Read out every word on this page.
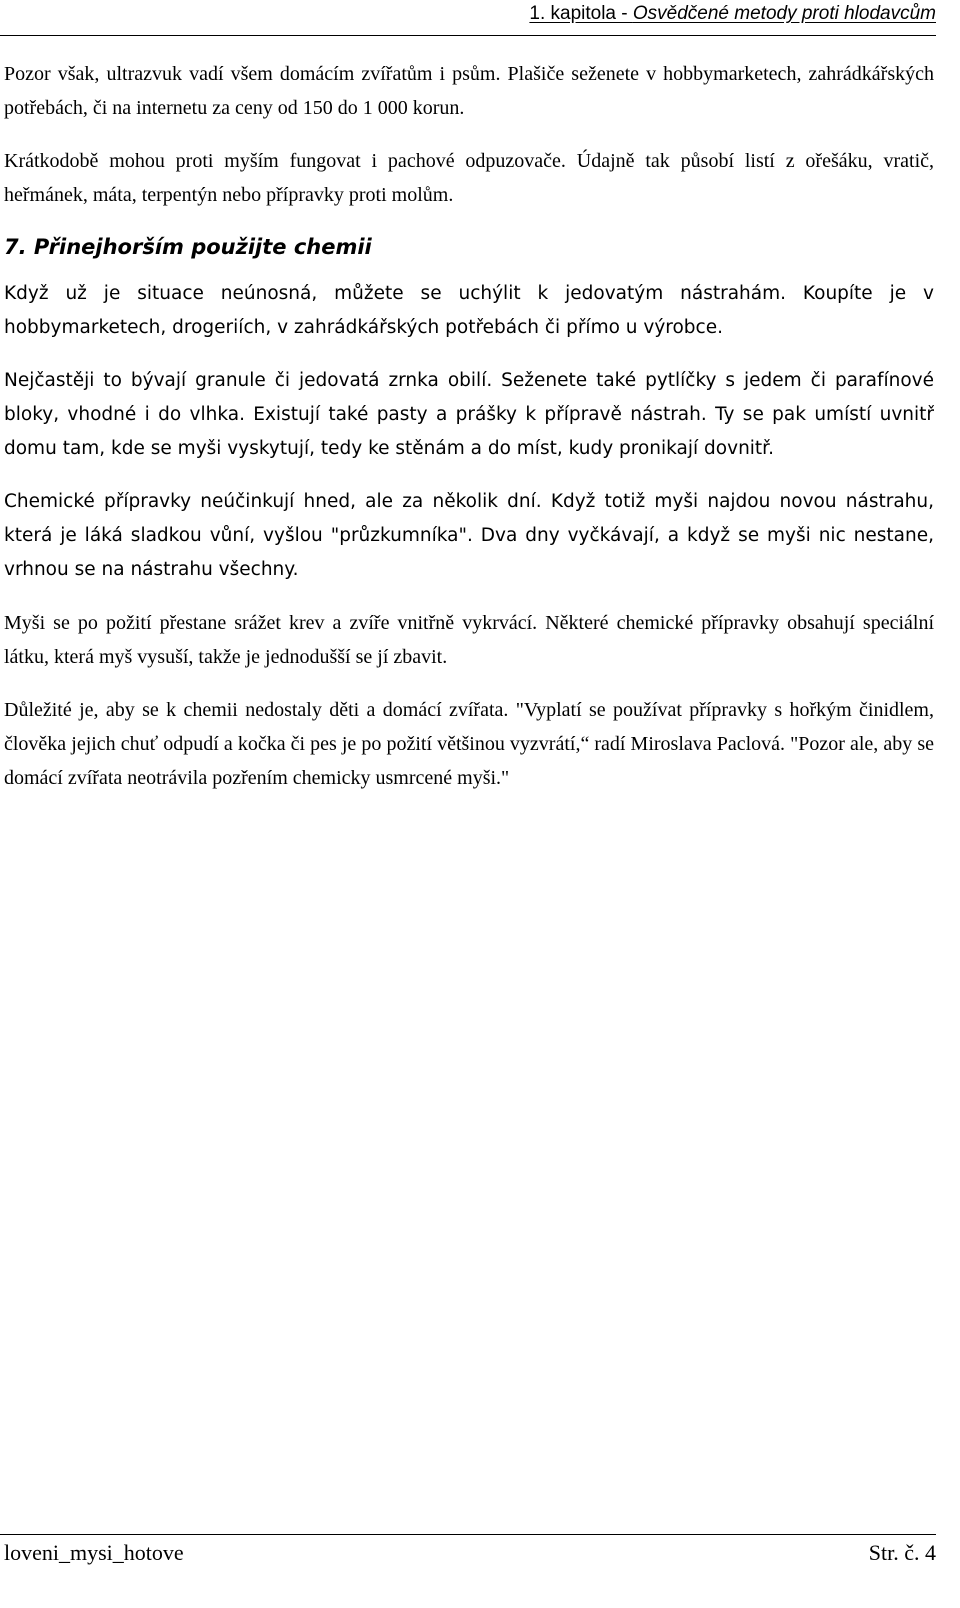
1. kapitola - Osvědčené metody proti hlodavcům

Pozor však, ultrazvuk vadí všem domácím zvířatům i psům. Plašiče seženete v hobbymarketech, zahrádkářských potřebách, či na internetu za ceny od 150 do 1 000 korun.

Krátkodobě mohou proti myším fungovat i pachové odpuzovače. Údajně tak působí listí z ořešáku, vratič, heřmánek, máta, terpentýn nebo přípravky proti molům.

7. Přinejhorším použijte chemii

Když už je situace neúnosná, můžete se uchýlit k jedovatým nástrahám. Koupíte je v hobbymarketech, drogeriích, v zahrádkářských potřebách či přímo u výrobce.

Nejčastěji to bývají granule či jedovatá zrnka obilí. Seženete také pytlíčky s jedem či parafínové bloky, vhodné i do vlhka. Existují také pasty a prášky k přípravě nástrah. Ty se pak umístí uvnitř domu tam, kde se myši vyskytují, tedy ke stěnám a do míst, kudy pronikají dovnitř.

Chemické přípravky neúčinkují hned, ale za několik dní. Když totiž myši najdou novou nástrahu, která je láká sladkou vůní, vyšlou "průzkumníka". Dva dny vyčkávají, a když se myši nic nestane, vrhnou se na nástrahu všechny.

Myši se po požití přestane srážet krev a zvíře vnitřně vykrvácí. Některé chemické přípravky obsahují speciální látku, která myš vysuší, takže je jednodušší se jí zbavit.

Důležité je, aby se k chemii nedostaly děti a domácí zvířata. "Vyplatí se používat přípravky s hořkým činidlem, člověka jejich chuť odpudí a kočka či pes je po požití většinou vyzvrátí,“ radí Miroslava Paclová. "Pozor ale, aby se domácí zvířata neotrávila pozřením chemicky usmrcené myši."

loveni_mysi_hotove	Str. č. 4
